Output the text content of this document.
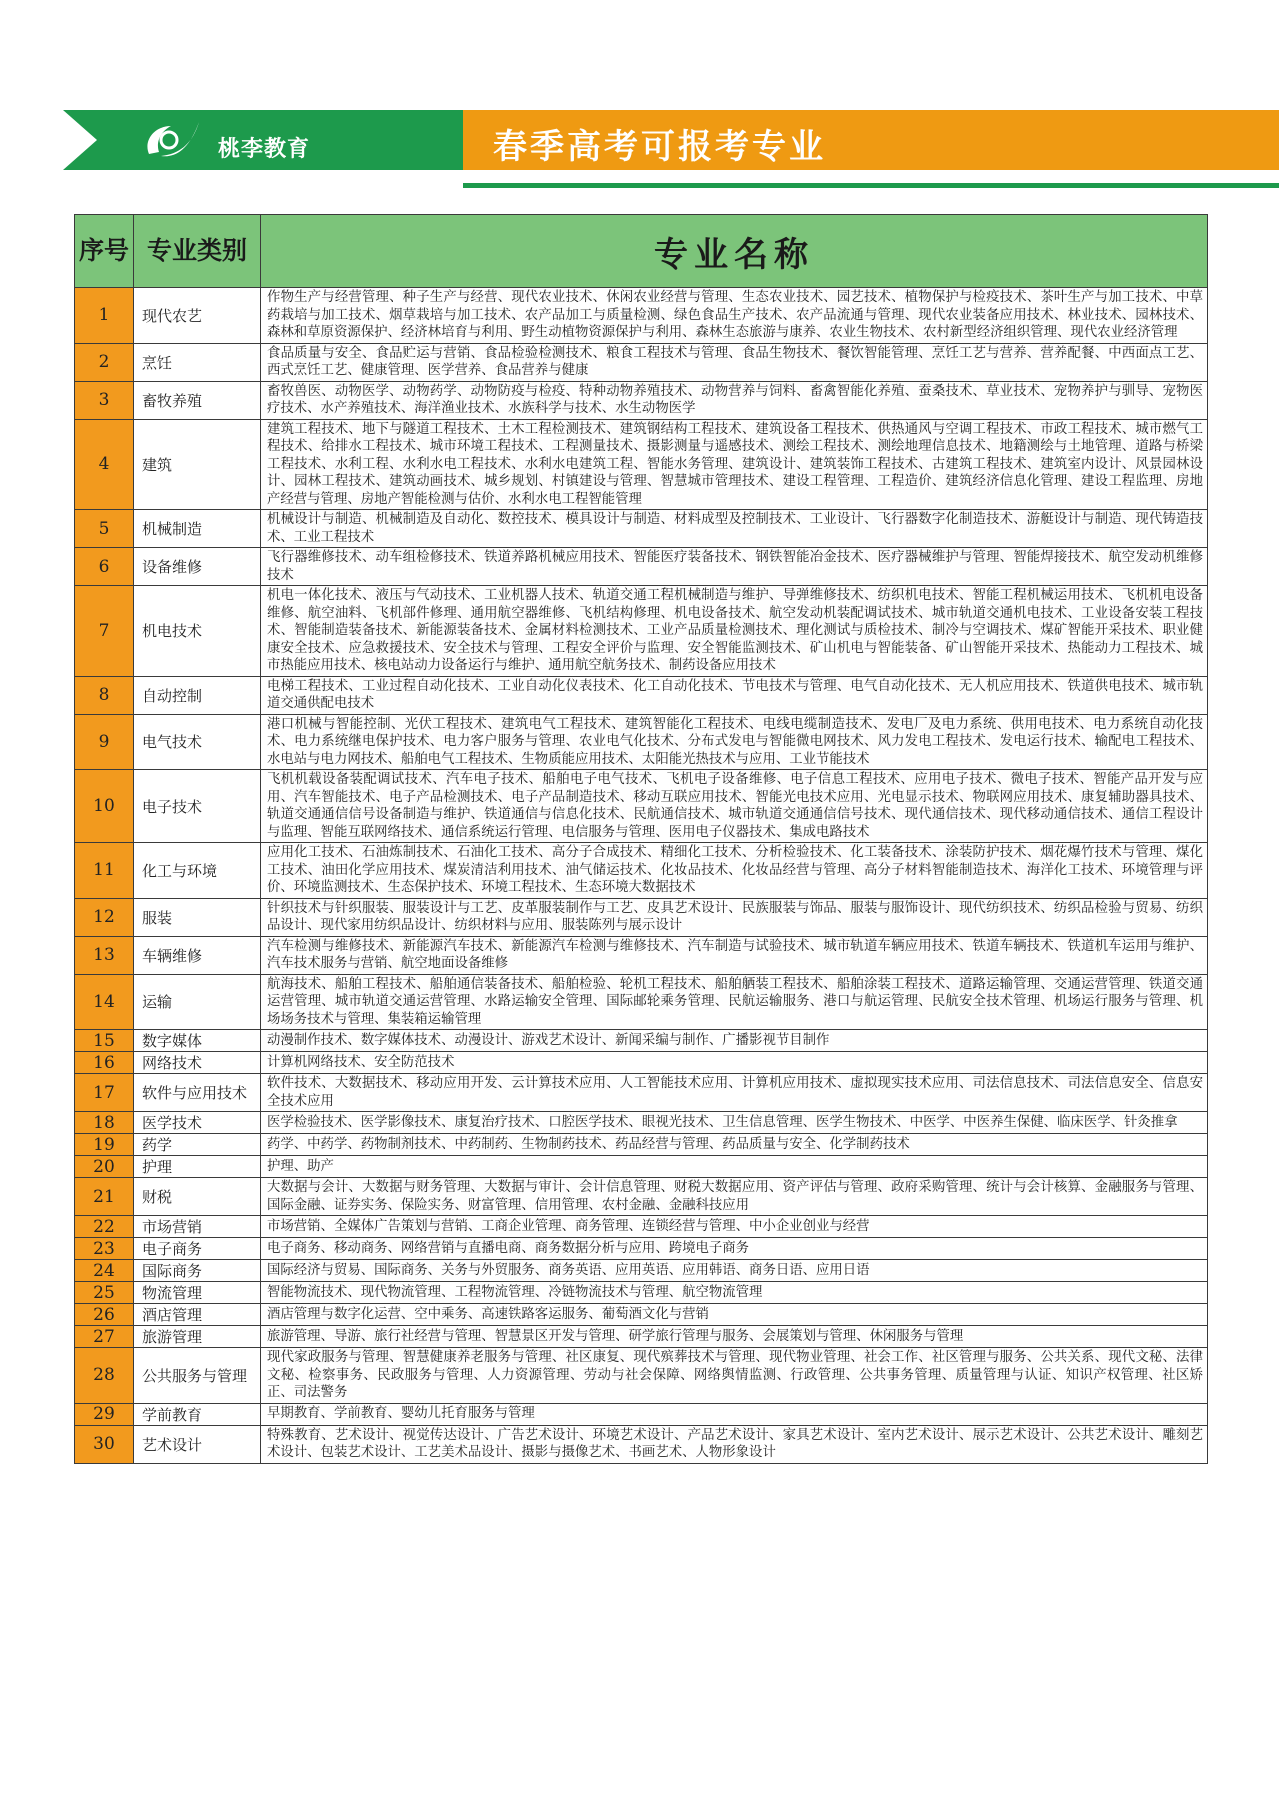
桃李教育	春季高考可报考专业
序号	专业类别	专业名称
1	现代农艺	作物生产与经营管理、种子生产与经营、现代农业技术、休闲农业经营与管理、生态农业技术、园艺技术、植物保护与检疫技术、茶叶生产与加工技术、中草药栽培与加工技术、烟草栽培与加工技术、农产品加工与质量检测、绿色食品生产技术、农产品流通与管理、现代农业装备应用技术、林业技术、园林技术、森林和草原资源保护、经济林培育与利用、野生动植物资源保护与利用、森林生态旅游与康养、农业生物技术、农村新型经济组织管理、现代农业经济管理
2	烹饪	食品质量与安全、食品贮运与营销、食品检验检测技术、粮食工程技术与管理、食品生物技术、餐饮智能管理、烹饪工艺与营养、营养配餐、中西面点工艺、西式烹饪工艺、健康管理、医学营养、食品营养与健康
3	畜牧养殖	畜牧兽医、动物医学、动物药学、动物防疫与检疫、特种动物养殖技术、动物营养与饲料、畜禽智能化养殖、蚕桑技术、草业技术、宠物养护与驯导、宠物医疗技术、水产养殖技术、海洋渔业技术、水族科学与技术、水生动物医学
4	建筑	建筑工程技术、地下与隧道工程技术、土木工程检测技术、建筑钢结构工程技术、建筑设备工程技术、供热通风与空调工程技术、市政工程技术、城市燃气工程技术、给排水工程技术、城市环境工程技术、工程测量技术、摄影测量与遥感技术、测绘工程技术、测绘地理信息技术、地籍测绘与土地管理、道路与桥梁工程技术、水利工程、水利水电工程技术、水利水电建筑工程、智能水务管理、建筑设计、建筑装饰工程技术、古建筑工程技术、建筑室内设计、风景园林设计、园林工程技术、建筑动画技术、城乡规划、村镇建设与管理、智慧城市管理技术、建设工程管理、工程造价、建筑经济信息化管理、建设工程监理、房地产经营与管理、房地产智能检测与估价、水利水电工程智能管理
5	机械制造	机械设计与制造、机械制造及自动化、数控技术、模具设计与制造、材料成型及控制技术、工业设计、飞行器数字化制造技术、游艇设计与制造、现代铸造技术、工业工程技术
6	设备维修	飞行器维修技术、动车组检修技术、铁道养路机械应用技术、智能医疗装备技术、钢铁智能冶金技术、医疗器械维护与管理、智能焊接技术、航空发动机维修技术
7	机电技术	机电一体化技术、液压与气动技术、工业机器人技术、轨道交通工程机械制造与维护、导弹维修技术、纺织机电技术、智能工程机械运用技术、飞机机电设备维修、航空油料、飞机部件修理、通用航空器维修、飞机结构修理、机电设备技术、航空发动机装配调试技术、城市轨道交通机电技术、工业设备安装工程技术、智能制造装备技术、新能源装备技术、金属材料检测技术、工业产品质量检测技术、理化测试与质检技术、制冷与空调技术、煤矿智能开采技术、职业健康安全技术、应急救援技术、安全技术与管理、工程安全评价与监理、安全智能监测技术、矿山机电与智能装备、矿山智能开采技术、热能动力工程技术、城市热能应用技术、核电站动力设备运行与维护、通用航空航务技术、制药设备应用技术
8	自动控制	电梯工程技术、工业过程自动化技术、工业自动化仪表技术、化工自动化技术、节电技术与管理、电气自动化技术、无人机应用技术、铁道供电技术、城市轨道交通供配电技术
9	电气技术	港口机械与智能控制、光伏工程技术、建筑电气工程技术、建筑智能化工程技术、电线电缆制造技术、发电厂及电力系统、供用电技术、电力系统自动化技术、电力系统继电保护技术、电力客户服务与管理、农业电气化技术、分布式发电与智能微电网技术、风力发电工程技术、发电运行技术、输配电工程技术、水电站与电力网技术、船舶电气工程技术、生物质能应用技术、太阳能光热技术与应用、工业节能技术
10	电子技术	飞机机载设备装配调试技术、汽车电子技术、船舶电子电气技术、飞机电子设备维修、电子信息工程技术、应用电子技术、微电子技术、智能产品开发与应用、汽车智能技术、电子产品检测技术、电子产品制造技术、移动互联应用技术、智能光电技术应用、光电显示技术、物联网应用技术、康复辅助器具技术、轨道交通通信信号设备制造与维护、铁道通信与信息化技术、民航通信技术、城市轨道交通通信信号技术、现代通信技术、现代移动通信技术、通信工程设计与监理、智能互联网络技术、通信系统运行管理、电信服务与管理、医用电子仪器技术、集成电路技术
11	化工与环境	应用化工技术、石油炼制技术、石油化工技术、高分子合成技术、精细化工技术、分析检验技术、化工装备技术、涂装防护技术、烟花爆竹技术与管理、煤化工技术、油田化学应用技术、煤炭清洁利用技术、油气储运技术、化妆品技术、化妆品经营与管理、高分子材料智能制造技术、海洋化工技术、环境管理与评价、环境监测技术、生态保护技术、环境工程技术、生态环境大数据技术
12	服装	针织技术与针织服装、服装设计与工艺、皮革服装制作与工艺、皮具艺术设计、民族服装与饰品、服装与服饰设计、现代纺织技术、纺织品检验与贸易、纺织品设计、现代家用纺织品设计、纺织材料与应用、服装陈列与展示设计
13	车辆维修	汽车检测与维修技术、新能源汽车技术、新能源汽车检测与维修技术、汽车制造与试验技术、城市轨道车辆应用技术、铁道车辆技术、铁道机车运用与维护、汽车技术服务与营销、航空地面设备维修
14	运输	航海技术、船舶工程技术、船舶通信装备技术、船舶检验、轮机工程技术、船舶舾装工程技术、船舶涂装工程技术、道路运输管理、交通运营管理、铁道交通运营管理、城市轨道交通运营管理、水路运输安全管理、国际邮轮乘务管理、民航运输服务、港口与航运管理、民航安全技术管理、机场运行服务与管理、机场场务技术与管理、集装箱运输管理
15	数字媒体	动漫制作技术、数字媒体技术、动漫设计、游戏艺术设计、新闻采编与制作、广播影视节目制作
16	网络技术	计算机网络技术、安全防范技术
17	软件与应用技术	软件技术、大数据技术、移动应用开发、云计算技术应用、人工智能技术应用、计算机应用技术、虚拟现实技术应用、司法信息技术、司法信息安全、信息安全技术应用
18	医学技术	医学检验技术、医学影像技术、康复治疗技术、口腔医学技术、眼视光技术、卫生信息管理、医学生物技术、中医学、中医养生保健、临床医学、针灸推拿
19	药学	药学、中药学、药物制剂技术、中药制药、生物制药技术、药品经营与管理、药品质量与安全、化学制药技术
20	护理	护理、助产
21	财税	大数据与会计、大数据与财务管理、大数据与审计、会计信息管理、财税大数据应用、资产评估与管理、政府采购管理、统计与会计核算、金融服务与管理、国际金融、证券实务、保险实务、财富管理、信用管理、农村金融、金融科技应用
22	市场营销	市场营销、全媒体广告策划与营销、工商企业管理、商务管理、连锁经营与管理、中小企业创业与经营
23	电子商务	电子商务、移动商务、网络营销与直播电商、商务数据分析与应用、跨境电子商务
24	国际商务	国际经济与贸易、国际商务、关务与外贸服务、商务英语、应用英语、应用韩语、商务日语、应用日语
25	物流管理	智能物流技术、现代物流管理、工程物流管理、冷链物流技术与管理、航空物流管理
26	酒店管理	酒店管理与数字化运营、空中乘务、高速铁路客运服务、葡萄酒文化与营销
27	旅游管理	旅游管理、导游、旅行社经营与管理、智慧景区开发与管理、研学旅行管理与服务、会展策划与管理、休闲服务与管理
28	公共服务与管理	现代家政服务与管理、智慧健康养老服务与管理、社区康复、现代殡葬技术与管理、现代物业管理、社会工作、社区管理与服务、公共关系、现代文秘、法律文秘、检察事务、民政服务与管理、人力资源管理、劳动与社会保障、网络舆情监测、行政管理、公共事务管理、质量管理与认证、知识产权管理、社区矫正、司法警务
29	学前教育	早期教育、学前教育、婴幼儿托育服务与管理
30	艺术设计	特殊教育、艺术设计、视觉传达设计、广告艺术设计、环境艺术设计、产品艺术设计、家具艺术设计、室内艺术设计、展示艺术设计、公共艺术设计、雕刻艺术设计、包装艺术设计、工艺美术品设计、摄影与摄像艺术、书画艺术、人物形象设计
